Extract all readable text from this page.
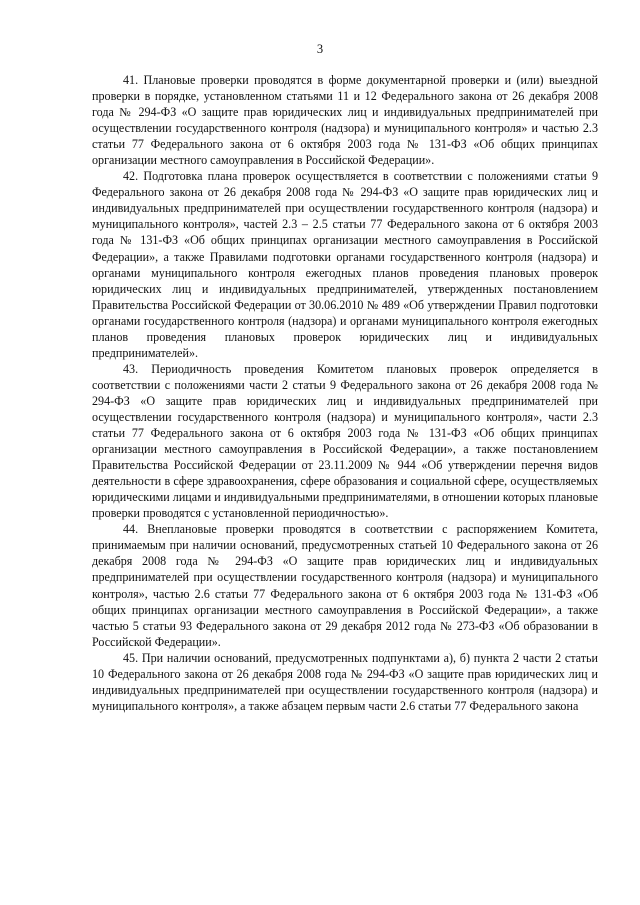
3

41. Плановые проверки проводятся в форме документарной проверки и (или) выездной проверки в порядке, установленном статьями 11 и 12 Федерального закона от 26 декабря 2008 года № 294-ФЗ «О защите прав юридических лиц и индивидуальных предпринимателей при осуществлении государственного контроля (надзора) и муниципального контроля» и частью 2.3 статьи 77 Федерального закона от 6 октября 2003 года № 131-ФЗ «Об общих принципах организации местного самоуправления в Российской Федерации».

42. Подготовка плана проверок осуществляется в соответствии с положениями статьи 9 Федерального закона от 26 декабря 2008 года № 294-ФЗ «О защите прав юридических лиц и индивидуальных предпринимателей при осуществлении государственного контроля (надзора) и муниципального контроля», частей 2.3 – 2.5 статьи 77 Федерального закона от 6 октября 2003 года № 131-ФЗ «Об общих принципах организации местного самоуправления в Российской Федерации», а также Правилами подготовки органами государственного контроля (надзора) и органами муниципального контроля ежегодных планов проведения плановых проверок юридических лиц и индивидуальных предпринимателей, утвержденных постановлением Правительства Российской Федерации от 30.06.2010 № 489 «Об утверждении Правил подготовки органами государственного контроля (надзора) и органами муниципального контроля ежегодных планов проведения плановых проверок юридических лиц и индивидуальных предпринимателей».

43. Периодичность проведения Комитетом плановых проверок определяется в соответствии с положениями части 2 статьи 9 Федерального закона от 26 декабря 2008 года № 294-ФЗ «О защите прав юридических лиц и индивидуальных предпринимателей при осуществлении государственного контроля (надзора) и муниципального контроля», части 2.3 статьи 77 Федерального закона от 6 октября 2003 года № 131-ФЗ «Об общих принципах организации местного самоуправления в Российской Федерации», а также постановлением Правительства Российской Федерации от 23.11.2009 № 944 «Об утверждении перечня видов деятельности в сфере здравоохранения, сфере образования и социальной сфере, осуществляемых юридическими лицами и индивидуальными предпринимателями, в отношении которых плановые проверки проводятся с установленной периодичностью».

44. Внеплановые проверки проводятся в соответствии с распоряжением Комитета, принимаемым при наличии оснований, предусмотренных статьей 10 Федерального закона от 26 декабря 2008 года № 294-ФЗ «О защите прав юридических лиц и индивидуальных предпринимателей при осуществлении государственного контроля (надзора) и муниципального контроля», частью 2.6 статьи 77 Федерального закона от 6 октября 2003 года № 131-ФЗ «Об общих принципах организации местного самоуправления в Российской Федерации», а также частью 5 статьи 93 Федерального закона от 29 декабря 2012 года № 273-ФЗ «Об образовании в Российской Федерации».

45. При наличии оснований, предусмотренных подпунктами а), б) пункта 2 части 2 статьи 10 Федерального закона от 26 декабря 2008 года № 294-ФЗ «О защите прав юридических лиц и индивидуальных предпринимателей при осуществлении государственного контроля (надзора) и муниципального контроля», а также абзацем первым части 2.6 статьи 77 Федерального закона
